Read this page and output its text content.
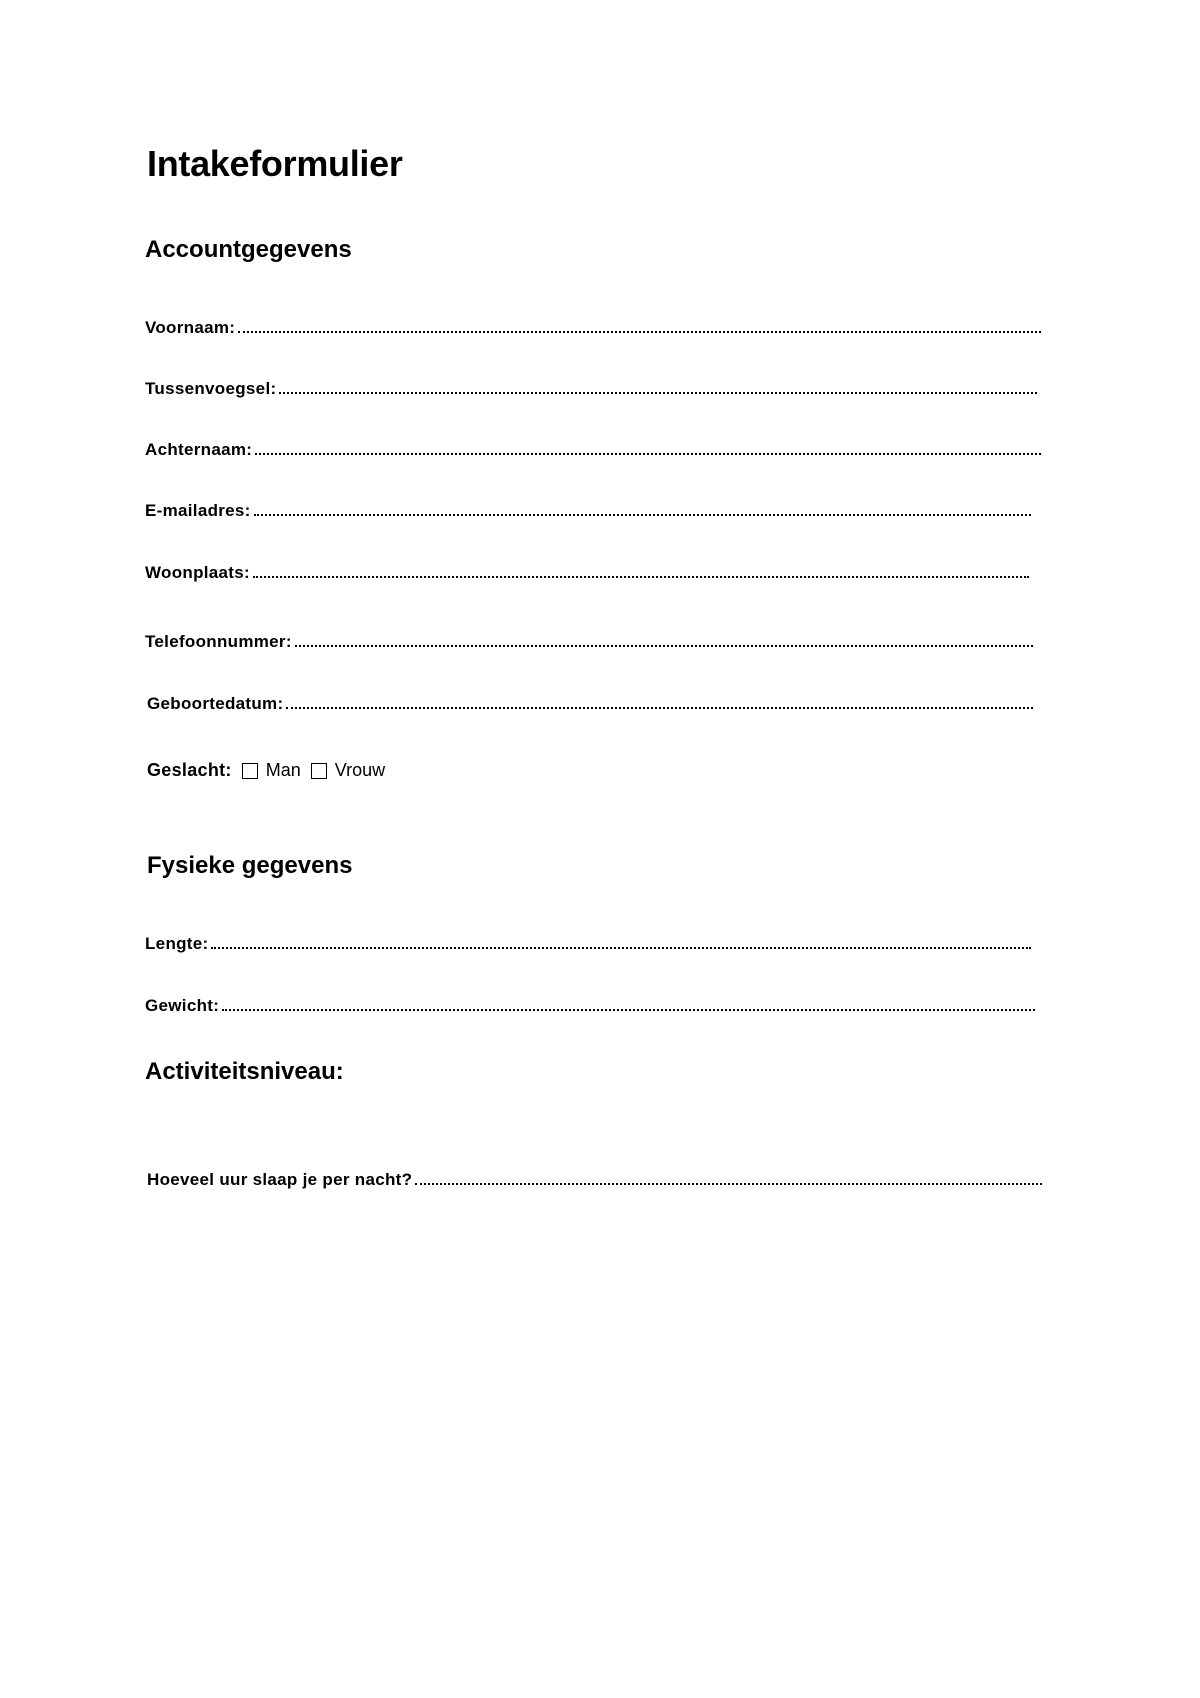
Intakeformulier
Accountgegevens
Voornaam:
Tussenvoegsel:
Achternaam:
E-mailadres:
Woonplaats:
Telefoonnummer:
Geboortedatum:
Geslacht: Man Vrouw
Fysieke gegevens
Lengte:
Gewicht:
Activiteitsniveau:
Hoeveel uur slaap je per nacht?
